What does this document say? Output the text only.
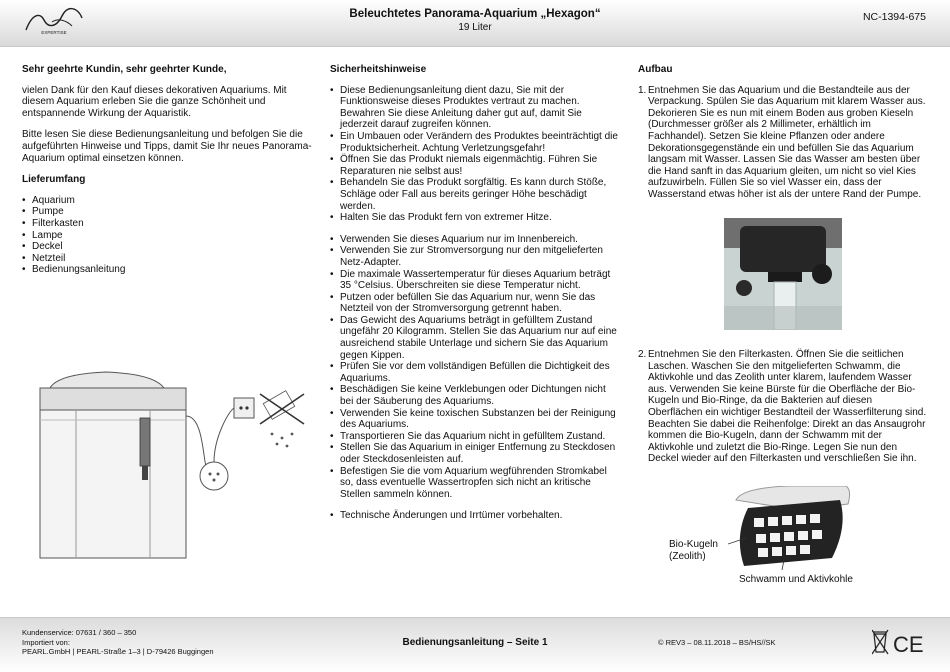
EXPERTISE
Beleuchtetes Panorama-Aquarium „Hexagon“
19 Liter
NC-1394-675
Sehr geehrte Kundin, sehr geehrter Kunde,

vielen Dank für den Kauf dieses dekorativen Aquariums. Mit diesem Aquarium erleben Sie die ganze Schönheit und entspannende Wirkung der Aquaristik.

Bitte lesen Sie diese Bedienungsanleitung und befolgen Sie die aufgeführten Hinweise und Tipps, damit Sie Ihr neues Panorama-Aquarium optimal einsetzen können.

Lieferumfang
• Aquarium
• Pumpe
• Filterkasten
• Lampe
• Deckel
• Netzteil
• Bedienungsanleitung
Sicherheitshinweise
• Diese Bedienungsanleitung dient dazu, Sie mit der Funktionsweise dieses Produktes vertraut zu machen. Bewahren Sie diese Anleitung daher gut auf, damit Sie jederzeit darauf zugreifen können.
• Ein Umbauen oder Verändern des Produktes beeinträchtigt die Produktsicherheit. Achtung Verletzungsgefahr!
• Öffnen Sie das Produkt niemals eigenmächtig. Führen Sie Reparaturen nie selbst aus!
• Behandeln Sie das Produkt sorgfältig. Es kann durch Stöße, Schläge oder Fall aus bereits geringer Höhe beschädigt werden.
• Halten Sie das Produkt fern von extremer Hitze.
• Verwenden Sie dieses Aquarium nur im Innenbereich.
• Verwenden Sie zur Stromversorgung nur den mitgelieferten Netz-Adapter.
• Die maximale Wassertemperatur für dieses Aquarium beträgt 35 °Celsius. Überschreiten sie diese Temperatur nicht.
• Putzen oder befüllen Sie das Aquarium nur, wenn Sie das Netzteil von der Stromversorgung getrennt haben.
• Das Gewicht des Aquariums beträgt in gefülltem Zustand ungefähr 20 Kilogramm. Stellen Sie das Aquarium nur auf eine ausreichend stabile Unterlage und sichern Sie das Aquarium gegen Kippen.
• Prüfen Sie vor dem vollständigen Befüllen die Dichtigkeit des Aquariums.
• Beschädigen Sie keine Verklebungen oder Dichtungen nicht bei der Säuberung des Aquariums.
• Verwenden Sie keine toxischen Substanzen bei der Reinigung des Aquariums.
• Transportieren Sie das Aquarium nicht in gefülltem Zustand.
• Stellen Sie das Aquarium in einiger Entfernung zu Steckdosen oder Steckdosenleisten auf.
• Befestigen Sie die vom Aquarium wegführenden Stromkabel so, dass eventuelle Wassertropfen sich nicht an kritische Stellen sammeln können.
• Technische Änderungen und Irrtümer vorbehalten.
Aufbau
1. Entnehmen Sie das Aquarium und die Bestandteile aus der Verpackung. Spülen Sie das Aquarium mit klarem Wasser aus. Dekorieren Sie es nun mit einem Boden aus groben Kieseln (Durchmesser größer als 2 Millimeter, erhältlich im Fachhandel). Setzen Sie kleine Pflanzen oder andere Dekorationsgegenstände ein und befüllen Sie das Aquarium langsam mit Wasser. Lassen Sie das Wasser am besten über die Hand sanft in das Aquarium gleiten, um nicht so viel Kies aufzuwirbeln. Füllen Sie so viel Wasser ein, dass der Wasserstand etwas höher ist als der untere Rand der Pumpe.
2. Entnehmen Sie den Filterkasten. Öffnen Sie die seitlichen Laschen. Waschen Sie den mitgelieferten Schwamm, die Aktivkohle und das Zeolith unter klarem, laufendem Wasser aus. Verwenden Sie keine Bürste für die Oberfläche der Bio-Kugeln und Bio-Ringe, da die Bakterien auf diesen Oberflächen ein wichtiger Bestandteil der Wasserfilterung sind. Beachten Sie dabei die Reihenfolge: Direkt an das Ansaugrohr kommen die Bio-Kugeln, dann der Schwamm mit der Aktivkohle und zuletzt die Bio-Ringe. Legen Sie nun den Deckel wieder auf den Filterkasten und verschließen Sie ihn.
Bio-Kugeln
(Zeolith)
Schwamm und Aktivkohle
Kundenservice: 07631 / 360 – 350
Importiert von:
PEARL.GmbH | PEARL-Straße 1–3 | D-79426 Buggingen
Bedienungsanleitung – Seite 1	© REV3 – 08.11.2018 – BS/HS//SK	CE
